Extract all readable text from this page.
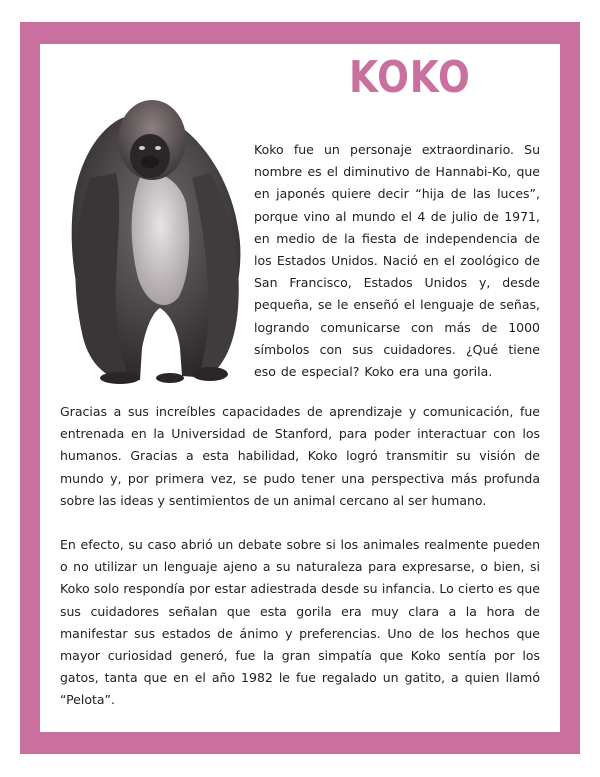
KOKO

Koko fue un personaje extraordinario. Su nombre es el diminutivo de Hannabi-Ko, que en japonés quiere decir “hija de las luces”, porque vino al mundo el 4 de julio de 1971, en medio de la fiesta de independencia de los Estados Unidos. Nació en el zoológico de San Francisco, Estados Unidos y, desde pequeña, se le enseñó el lenguaje de señas, logrando comunicarse con más de 1000 símbolos con sus cuidadores. ¿Qué tiene eso de especial? Koko era una gorila.

Gracias a sus increíbles capacidades de aprendizaje y comunicación, fue entrenada en la Universidad de Stanford, para poder interactuar con los humanos. Gracias a esta habilidad, Koko logró transmitir su visión de mundo y, por primera vez, se pudo tener una perspectiva más profunda sobre las ideas y sentimientos de un animal cercano al ser humano.

En efecto, su caso abrió un debate sobre si los animales realmente pueden o no utilizar un lenguaje ajeno a su naturaleza para expresarse, o bien, si Koko solo respondía por estar adiestrada desde su infancia. Lo cierto es que sus cuidadores señalan que esta gorila era muy clara a la hora de manifestar sus estados de ánimo y preferencias. Uno de los hechos que mayor curiosidad generó, fue la gran simpatía que Koko sentía por los gatos, tanta que en el año 1982 le fue regalado un gatito, a quien llamó “Pelota”.
